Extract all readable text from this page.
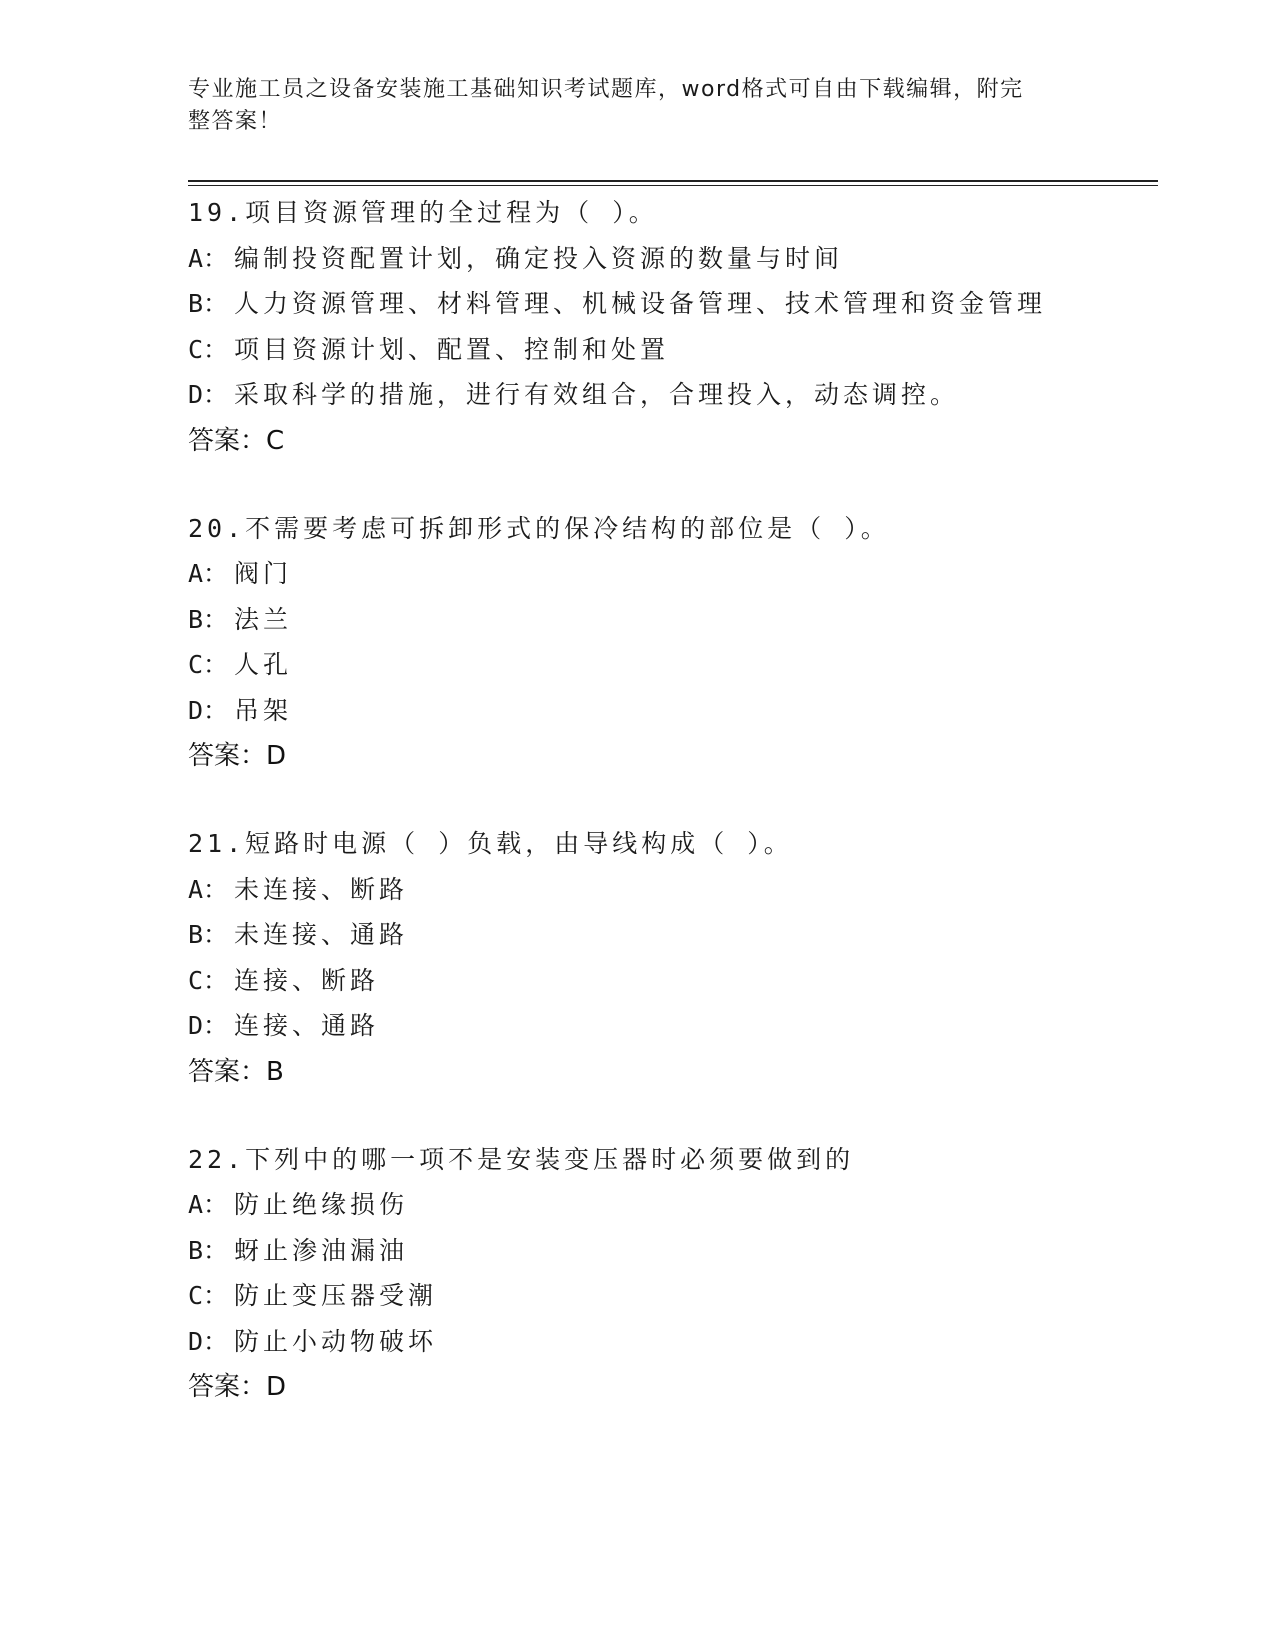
专业施工员之设备安装施工基础知识考试题库，word格式可自由下载编辑，附完
整答案！
19.项目资源管理的全过程为（ ）。
A： 编制投资配置计划，确定投入资源的数量与时间
B： 人力资源管理、材料管理、机械设备管理、技术管理和资金管理
C： 项目资源计划、配置、控制和处置
D： 采取科学的措施，进行有效组合，合理投入，动态调控。
答案：C
20.不需要考虑可拆卸形式的保冷结构的部位是（ ）。
A： 阀门
B： 法兰
C： 人孔
D： 吊架
答案：D
21.短路时电源（ ）负载，由导线构成（ ）。
A： 未连接、断路
B： 未连接、通路
C： 连接、断路
D： 连接、通路
答案：B
22.下列中的哪一项不是安装变压器时必须要做到的
A： 防止绝缘损伤
B： 蚜止渗油漏油
C： 防止变压器受潮
D： 防止小动物破坏
答案：D
